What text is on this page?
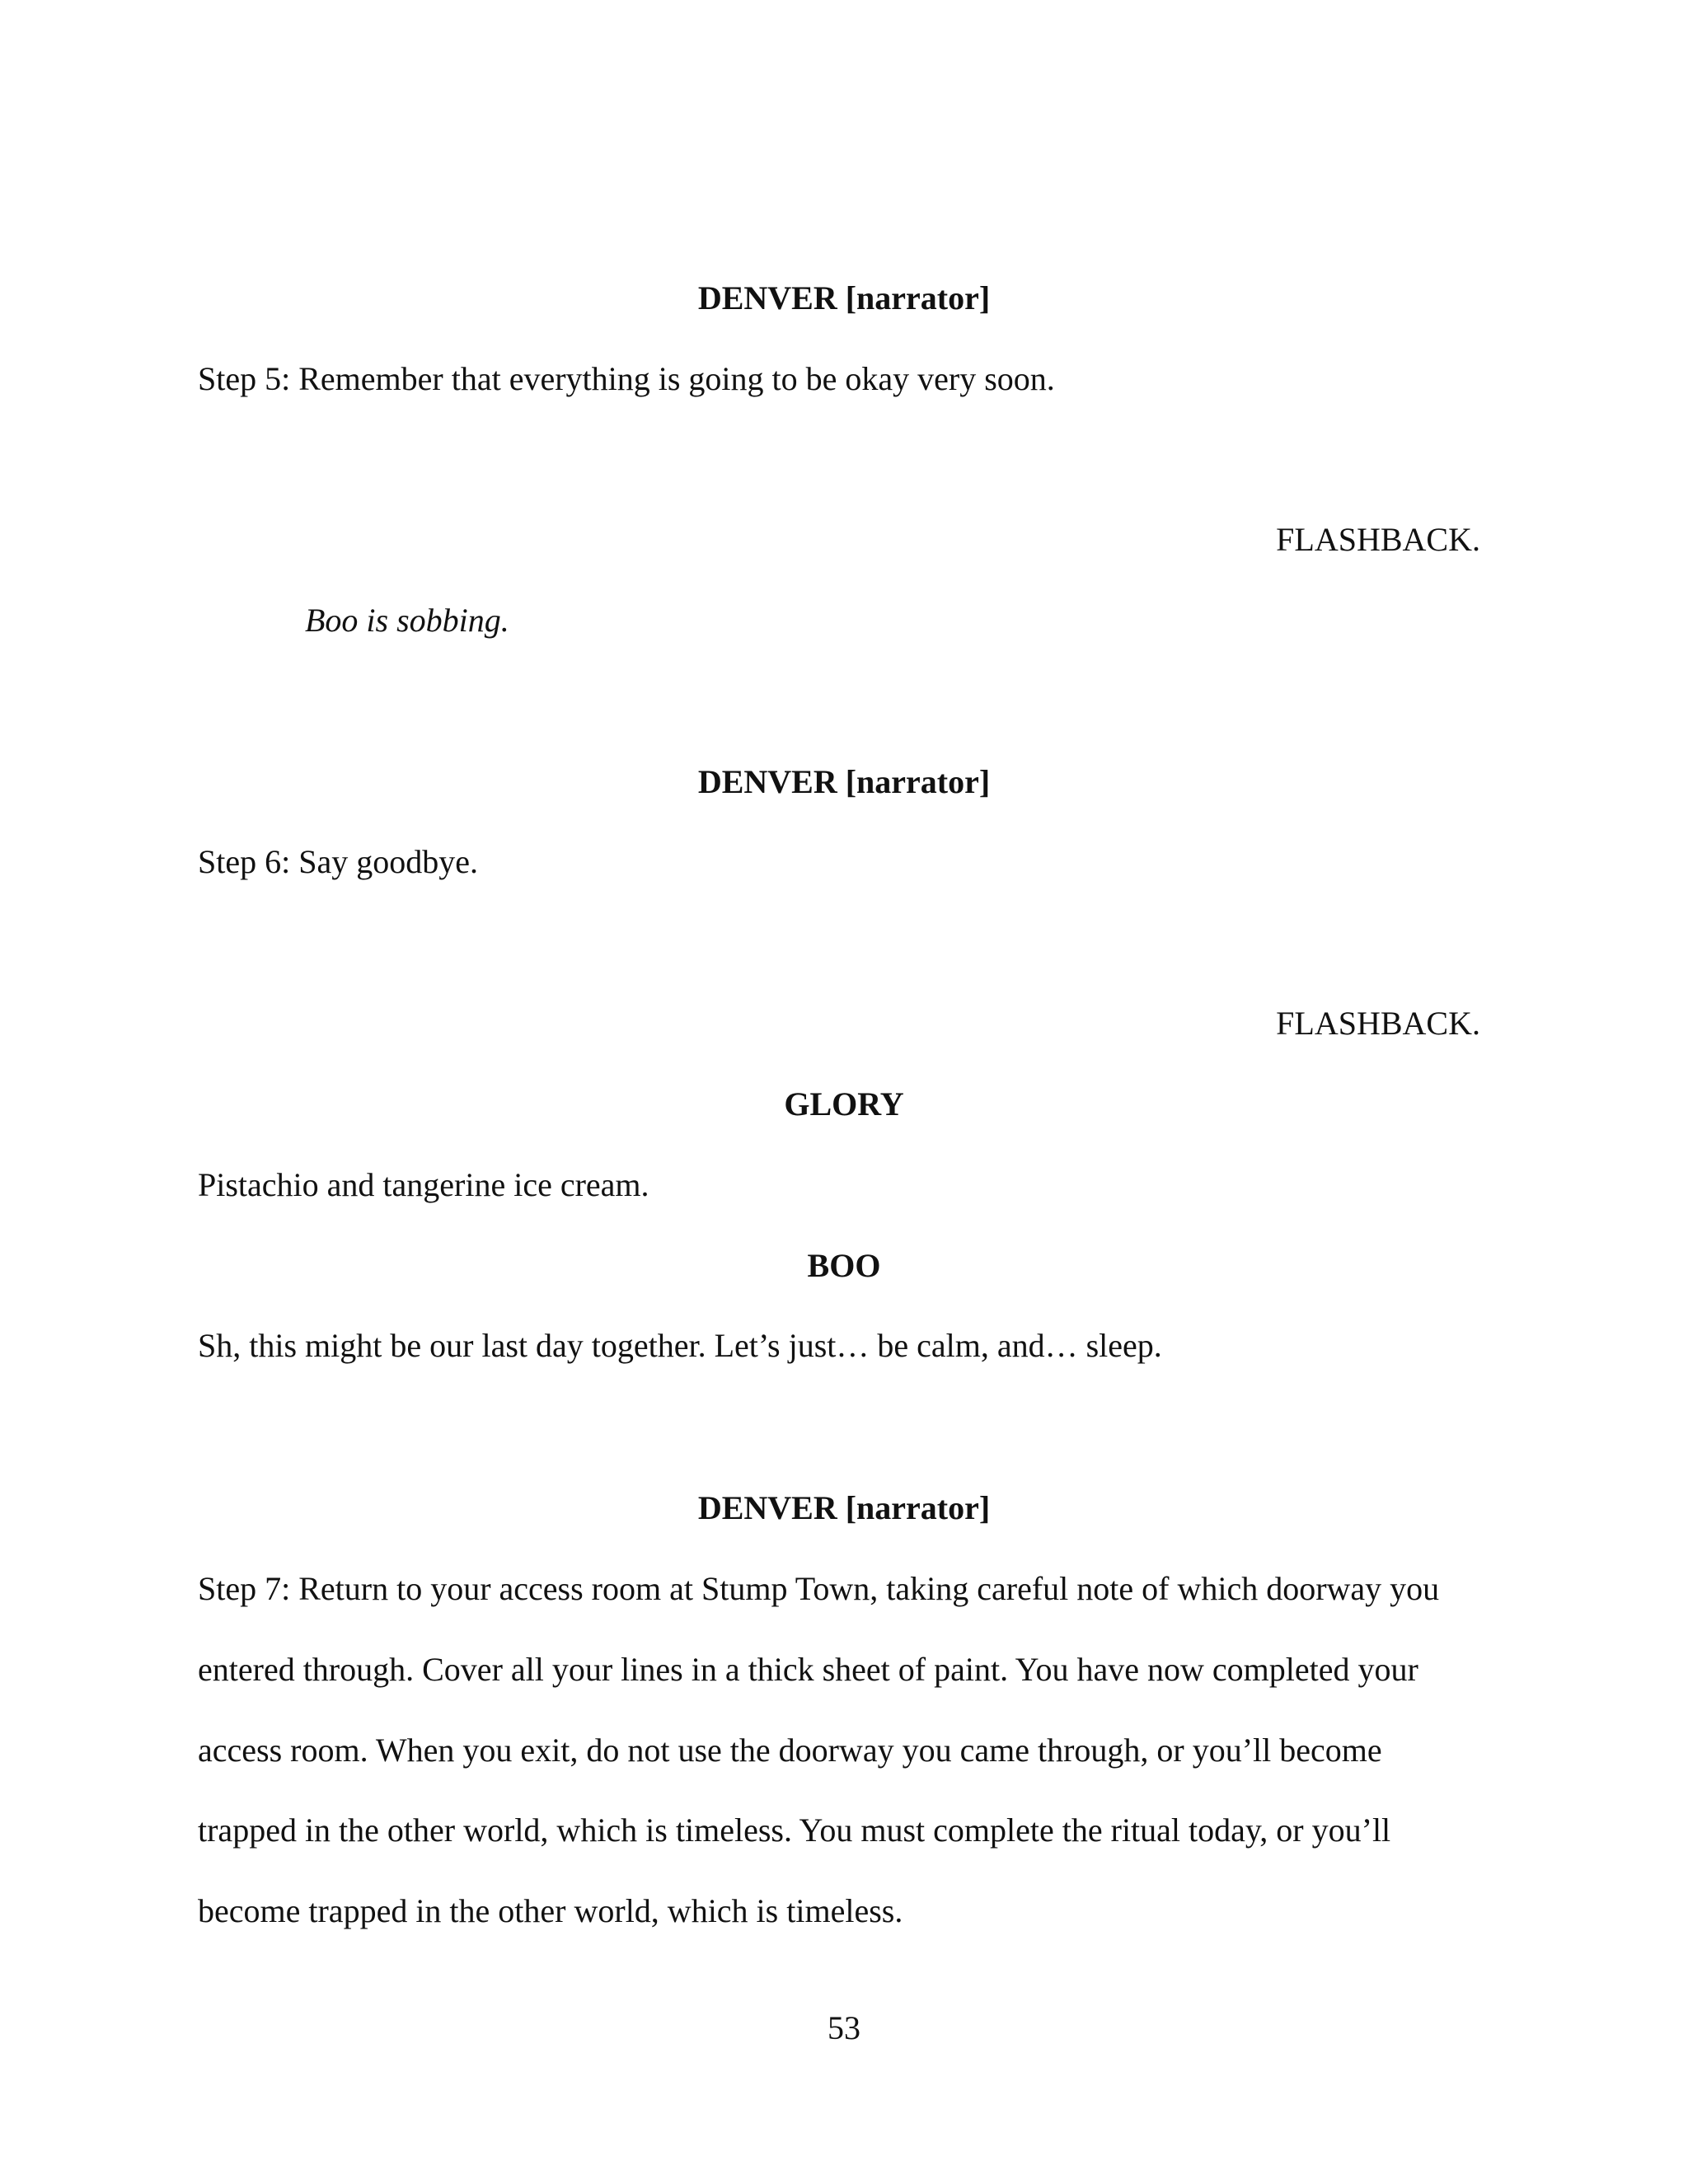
DENVER [narrator]
Step 5: Remember that everything is going to be okay very soon.
FLASHBACK.
Boo is sobbing.
DENVER [narrator]
Step 6: Say goodbye.
FLASHBACK.
GLORY
Pistachio and tangerine ice cream.
BOO
Sh, this might be our last day together. Let’s just… be calm, and… sleep.
DENVER [narrator]
Step 7: Return to your access room at Stump Town, taking careful note of which doorway you
entered through. Cover all your lines in a thick sheet of paint. You have now completed your
access room. When you exit, do not use the doorway you came through, or you’ll become
trapped in the other world, which is timeless. You must complete the ritual today, or you’ll
become trapped in the other world, which is timeless.
53
